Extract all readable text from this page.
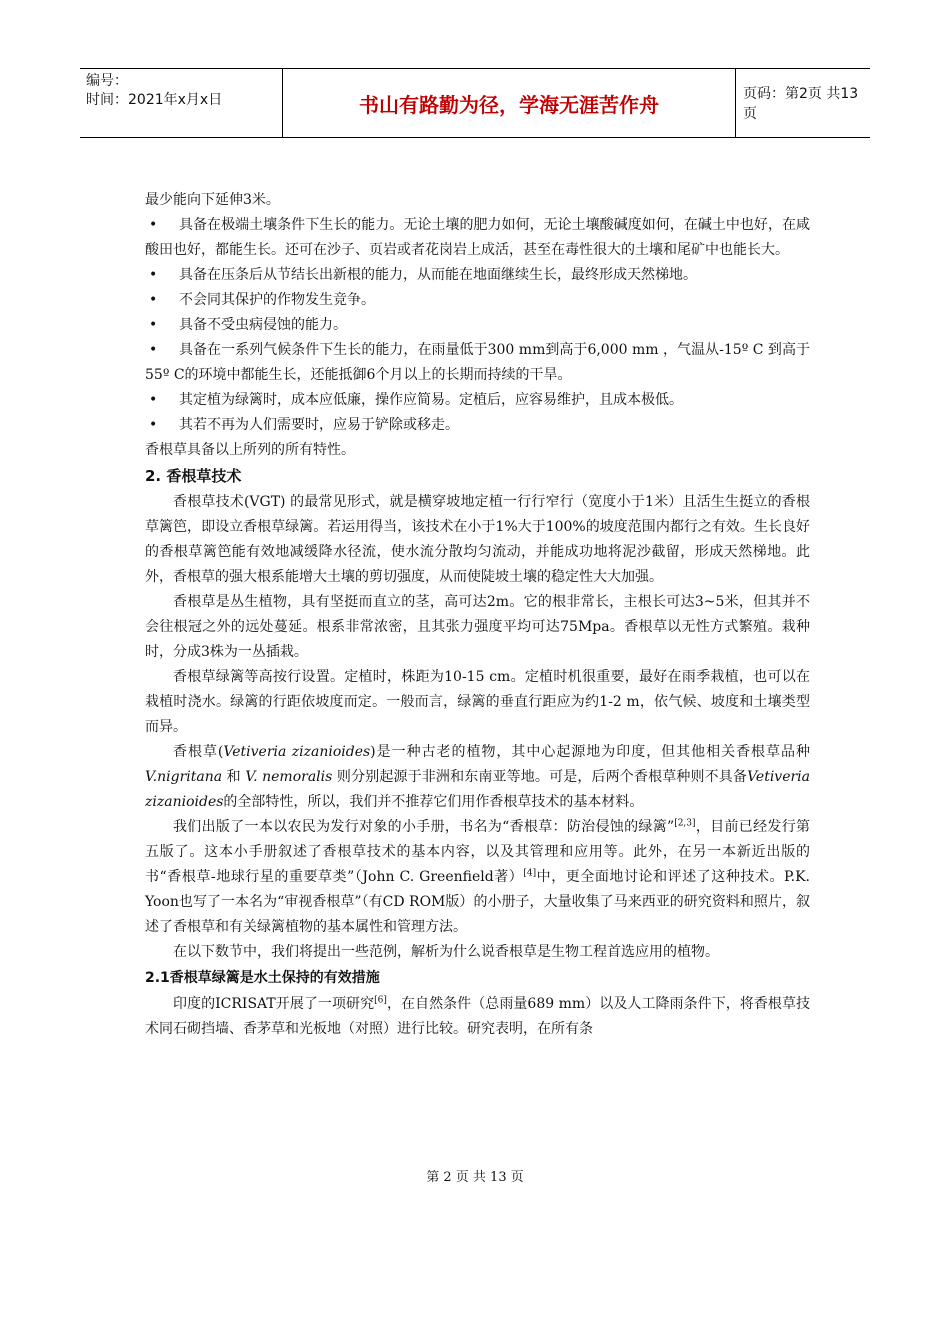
编号：
时间：2021年x月x日	书山有路勤为径，学海无涯苦作舟	页码：第2页 共13页

最少能向下延伸3米。

• 具备在极端土壤条件下生长的能力。无论土壤的肥力如何，无论土壤酸碱度如何，在碱土中也好，在咸酸田也好，都能生长。还可在沙子、页岩或者花岗岩上成活，甚至在毒性很大的土壤和尾矿中也能长大。

• 具备在压条后从节结长出新根的能力，从而能在地面继续生长，最终形成天然梯地。

• 不会同其保护的作物发生竞争。

• 具备不受虫病侵蚀的能力。

• 具备在一系列气候条件下生长的能力，在雨量低于300 mm到高于6,000 mm ，气温从-15º C 到高于 55º C的环境中都能生长，还能抵御6个月以上的长期而持续的干旱。

• 其定植为绿篱时，成本应低廉，操作应简易。定植后，应容易维护，且成本极低。

• 其若不再为人们需要时，应易于铲除或移走。

香根草具备以上所列的所有特性。

2. 香根草技术

香根草技术(VGT) 的最常见形式，就是横穿坡地定植一行行窄行（宽度小于1米）且活生生挺立的香根草篱笆，即设立香根草绿篱。若运用得当，该技术在小于1%大于100%的坡度范围内都行之有效。生长良好的香根草篱笆能有效地减缓降水径流，使水流分散均匀流动，并能成功地将泥沙截留，形成天然梯地。此外，香根草的强大根系能增大土壤的剪切强度，从而使陡坡土壤的稳定性大大加强。

香根草是丛生植物，具有坚挺而直立的茎，高可达2m。它的根非常长，主根长可达3~5米，但其并不会往根冠之外的远处蔓延。根系非常浓密，且其张力强度平均可达75Mpa。香根草以无性方式繁殖。栽种时，分成3株为一丛插栽。

香根草绿篱等高按行设置。定植时，株距为10-15 cm。定植时机很重要，最好在雨季栽植，也可以在栽植时浇水。绿篱的行距依坡度而定。一般而言，绿篱的垂直行距应为约1-2 m，依气候、坡度和土壤类型而异。

香根草(Vetiveria zizanioides)是一种古老的植物，其中心起源地为印度，但其他相关香根草品种V.nigritana 和 V. nemoralis 则分别起源于非洲和东南亚等地。可是，后两个香根草种则不具备Vetiveria zizanioides的全部特性，所以，我们并不推荐它们用作香根草技术的基本材料。

我们出版了一本以农民为发行对象的小手册，书名为“香根草：防治侵蚀的绿篱”[2,3]，目前已经发行第五版了。这本小手册叙述了香根草技术的基本内容，以及其管理和应用等。此外，在另一本新近出版的书“香根草-地球行星的重要草类”（John C. Greenfield著）[4]中，更全面地讨论和评述了这种技术。P.K. Yoon也写了一本名为“审视香根草”（有CD ROM版）的小册子，大量收集了马来西亚的研究资料和照片，叙述了香根草和有关绿篱植物的基本属性和管理方法。

在以下数节中，我们将提出一些范例，解析为什么说香根草是生物工程首选应用的植物。

2.1香根草绿篱是水土保持的有效措施

印度的ICRISAT开展了一项研究[6]，在自然条件（总雨量689 mm）以及人工降雨条件下，将香根草技术同石砌挡墙、香茅草和光板地（对照）进行比较。研究表明，在所有条

第 2 页 共 13 页
